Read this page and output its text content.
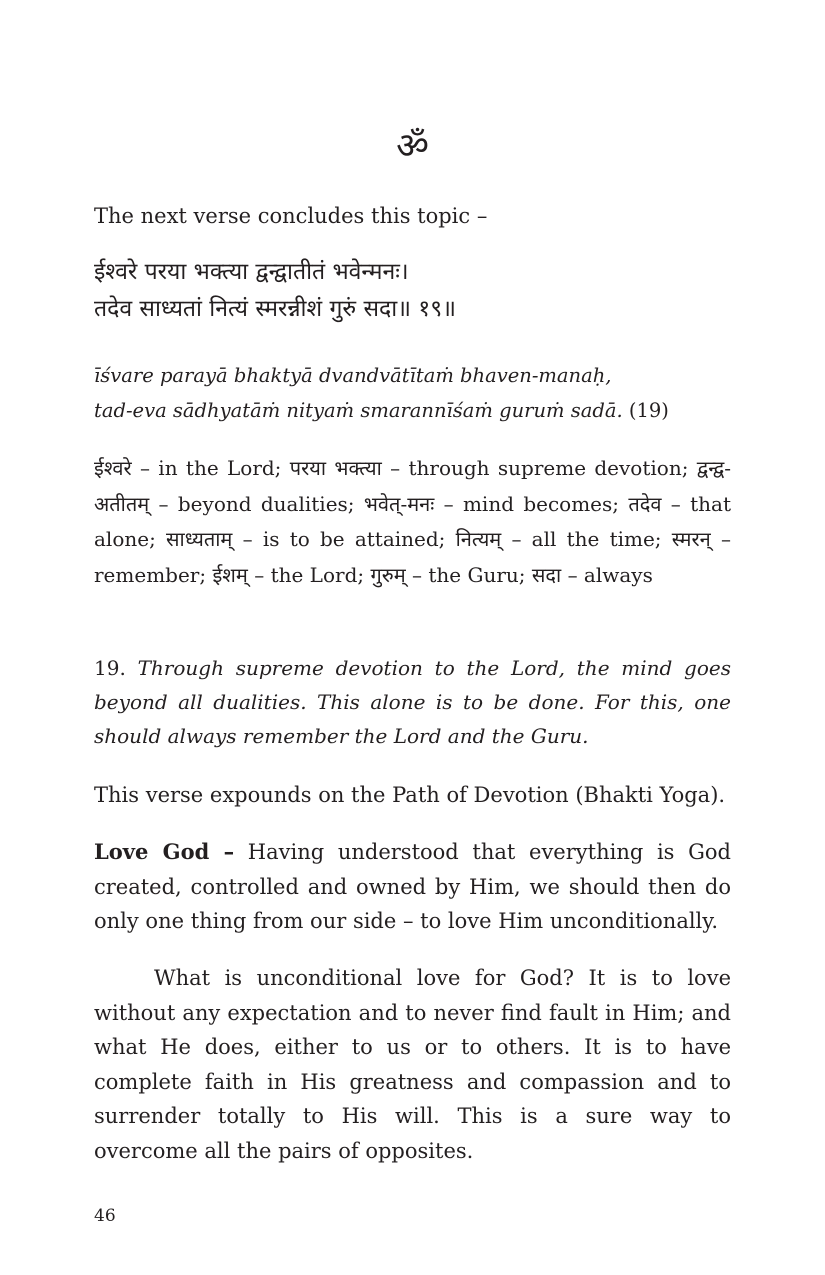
ॐ

The next verse concludes this topic –

ईश्वरे परया भक्त्या द्वन्द्वातीतं भवेन्मनः।
तदेव साध्यतां नित्यं स्मरन्नीशं गुरुं सदा॥ १९॥
īśvare parayā bhaktyā dvandvātītaṁ bhaven-manaḥ,
tad-eva sādhyatāṁ nityaṁ smarannīśaṁ guruṁ sadā. (19)

ईश्वरे – in the Lord; परया भक्त्या – through supreme devotion; द्वन्द्व-अतीतम् – beyond dualities; भवेत्-मनः – mind becomes; तदेव – that alone; साध्यताम् – is to be attained; नित्यम् – all the time; स्मरन् – remember; ईशम् – the Lord; गुरुम् – the Guru; सदा – always

19. Through supreme devotion to the Lord, the mind goes beyond all dualities. This alone is to be done. For this, one should always remember the Lord and the Guru.

This verse expounds on the Path of Devotion (Bhakti Yoga).

Love God – Having understood that everything is God created, controlled and owned by Him, we should then do only one thing from our side – to love Him unconditionally.

What is unconditional love for God? It is to love without any expectation and to never find fault in Him; and what He does, either to us or to others. It is to have complete faith in His greatness and compassion and to surrender totally to His will. This is a sure way to overcome all the pairs of opposites.

46
